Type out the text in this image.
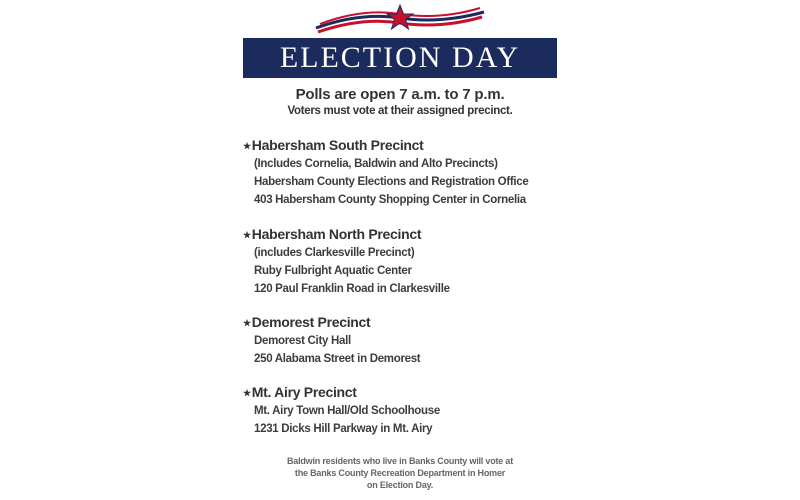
ELECTION DAY
Polls are open 7 a.m. to 7 p.m.
Voters must vote at their assigned precinct.
★Habersham South Precinct
(Includes Cornelia, Baldwin and Alto Precincts)
Habersham County Elections and Registration Office
403 Habersham County Shopping Center in Cornelia
★Habersham North Precinct
(includes Clarkesville Precinct)
Ruby Fulbright Aquatic Center
120 Paul Franklin Road in Clarkesville
★Demorest Precinct
Demorest City Hall
250 Alabama Street in Demorest
★Mt. Airy Precinct
Mt. Airy Town Hall/Old Schoolhouse
1231 Dicks Hill Parkway in Mt. Airy
Baldwin residents who live in Banks County will vote at
the Banks County Recreation Department in Homer
on Election Day.
